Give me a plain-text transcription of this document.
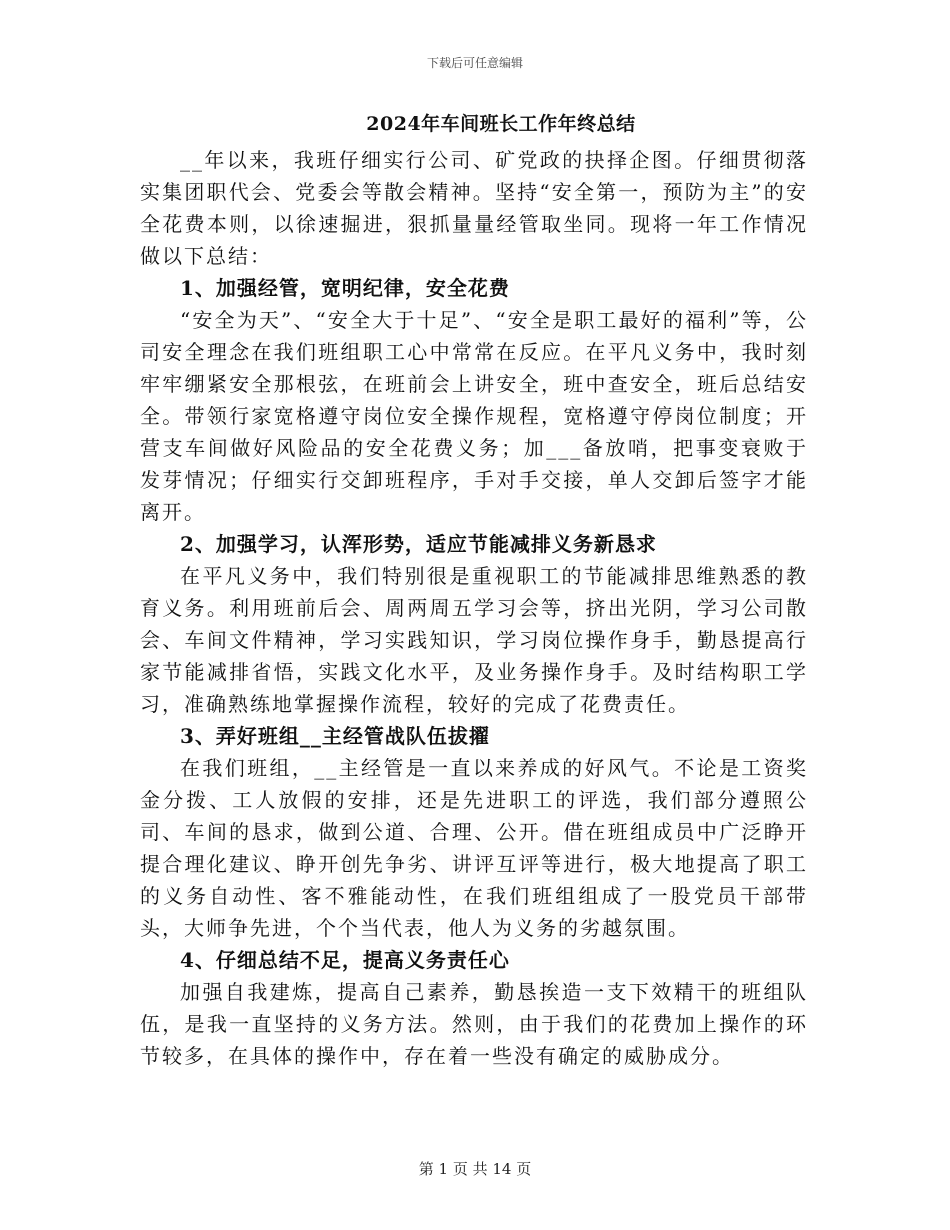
下载后可任意编辑
2024年车间班长工作年终总结

__年以来，我班仔细实行公司、矿党政的抉择企图。仔细贯彻落实集团职代会、党委会等散会精神。坚持“安全第一，预防为主”的安全花费本则，以徐速掘进，狠抓量量经管取坐同。现将一年工作情况做以下总结：

1、加强经管，宽明纪律，安全花费

“安全为天”、“安全大于十足”、“安全是职工最好的福利”等，公司安全理念在我们班组职工心中常常在反应。在平凡义务中，我时刻牢牢绷紧安全那根弦，在班前会上讲安全，班中查安全，班后总结安全。带领行家宽格遵守岗位安全操作规程，宽格遵守停岗位制度；开营支车间做好风险品的安全花费义务；加___备放哨，把事变衰败于发芽情况；仔细实行交卸班程序，手对手交接，单人交卸后签字才能离开。

2、加强学习，认浑形势，适应节能减排义务新恳求

在平凡义务中，我们特别很是重视职工的节能减排思维熟悉的教育义务。利用班前后会、周两周五学习会等，挤出光阴，学习公司散会、车间文件精神，学习实践知识，学习岗位操作身手，勤恳提高行家节能减排省悟，实践文化水平，及业务操作身手。及时结构职工学习，准确熟练地掌握操作流程，较好的完成了花费责任。

3、弄好班组__主经管战队伍拔擢

在我们班组，__主经管是一直以来养成的好风气。不论是工资奖金分拨、工人放假的安排，还是先进职工的评选，我们部分遵照公司、车间的恳求，做到公道、合理、公开。借在班组成员中广泛睁开提合理化建议、睁开创先争劣、讲评互评等进行，极大地提高了职工的义务自动性、客不雅能动性，在我们班组组成了一股党员干部带头，大师争先进，个个当代表，他人为义务的劣越氛围。

4、仔细总结不足，提高义务责任心

加强自我建炼，提高自己素养，勤恳挨造一支下效精干的班组队伍，是我一直坚持的义务方法。然则，由于我们的花费加上操作的环节较多，在具体的操作中，存在着一些没有确定的威胁成分。

第 1 页 共 14 页
